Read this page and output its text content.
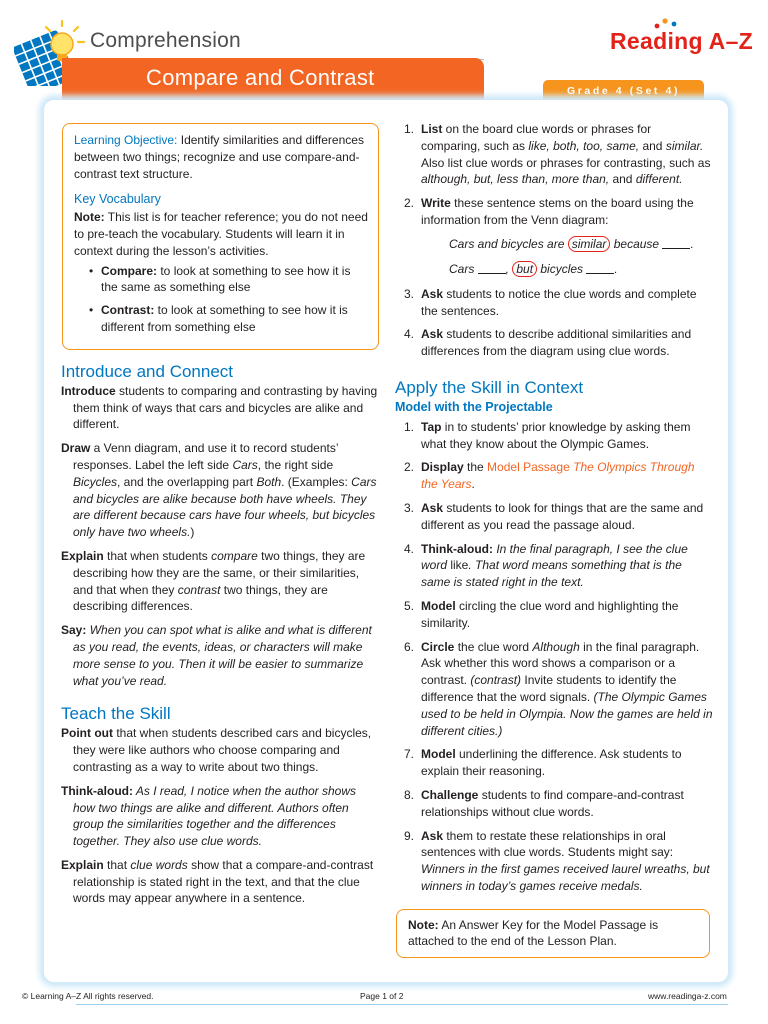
Comprehension
Compare and Contrast
Reading A–Z
Grade 4 (Set 4)
Learning Objective: Identify similarities and differences between two things; recognize and use compare-and-contrast text structure.
Key Vocabulary
Note: This list is for teacher reference; you do not need to pre-teach the vocabulary. Students will learn it in context during the lesson’s activities.
• Compare: to look at something to see how it is the same as something else
• Contrast: to look at something to see how it is different from something else
Introduce and Connect
Introduce students to comparing and contrasting by having them think of ways that cars and bicycles are alike and different.
Draw a Venn diagram, and use it to record students’ responses. Label the left side Cars, the right side Bicycles, and the overlapping part Both. (Examples: Cars and bicycles are alike because both have wheels. They are different because cars have four wheels, but bicycles only have two wheels.)
Explain that when students compare two things, they are describing how they are the same, or their similarities, and that when they contrast two things, they are describing differences.
Say: When you can spot what is alike and what is different as you read, the events, ideas, or characters will make more sense to you. Then it will be easier to summarize what you’ve read.
Teach the Skill
Point out that when students described cars and bicycles, they were like authors who choose comparing and contrasting as a way to write about two things.
Think-aloud: As I read, I notice when the author shows how two things are alike and different. Authors often group the similarities together and the differences together. They also use clue words.
Explain that clue words show that a compare-and-contrast relationship is stated right in the text, and that the clue words may appear anywhere in a sentence.
1. List on the board clue words or phrases for comparing, such as like, both, too, same, and similar. Also list clue words or phrases for contrasting, such as although, but, less than, more than, and different.
2. Write these sentence stems on the board using the information from the Venn diagram:
Cars and bicycles are similar because .
Cars , but bicycles .
3. Ask students to notice the clue words and complete the sentences.
4. Ask students to describe additional similarities and differences from the diagram using clue words.
Apply the Skill in Context
Model with the Projectable
1. Tap in to students’ prior knowledge by asking them what they know about the Olympic Games.
2. Display the Model Passage The Olympics Through the Years.
3. Ask students to look for things that are the same and different as you read the passage aloud.
4. Think-aloud: In the final paragraph, I see the clue word like. That word means something that is the same is stated right in the text.
5. Model circling the clue word and highlighting the similarity.
6. Circle the clue word Although in the final paragraph. Ask whether this word shows a comparison or a contrast. (contrast) Invite students to identify the difference that the word signals. (The Olympic Games used to be held in Olympia. Now the games are held in different cities.)
7. Model underlining the difference. Ask students to explain their reasoning.
8. Challenge students to find compare-and-contrast relationships without clue words.
9. Ask them to restate these relationships in oral sentences with clue words. Students might say: Winners in the first games received laurel wreaths, but winners in today’s games receive medals.
Note: An Answer Key for the Model Passage is attached to the end of the Lesson Plan.
© Learning A–Z All rights reserved.	Page 1 of 2	www.readinga-z.com
